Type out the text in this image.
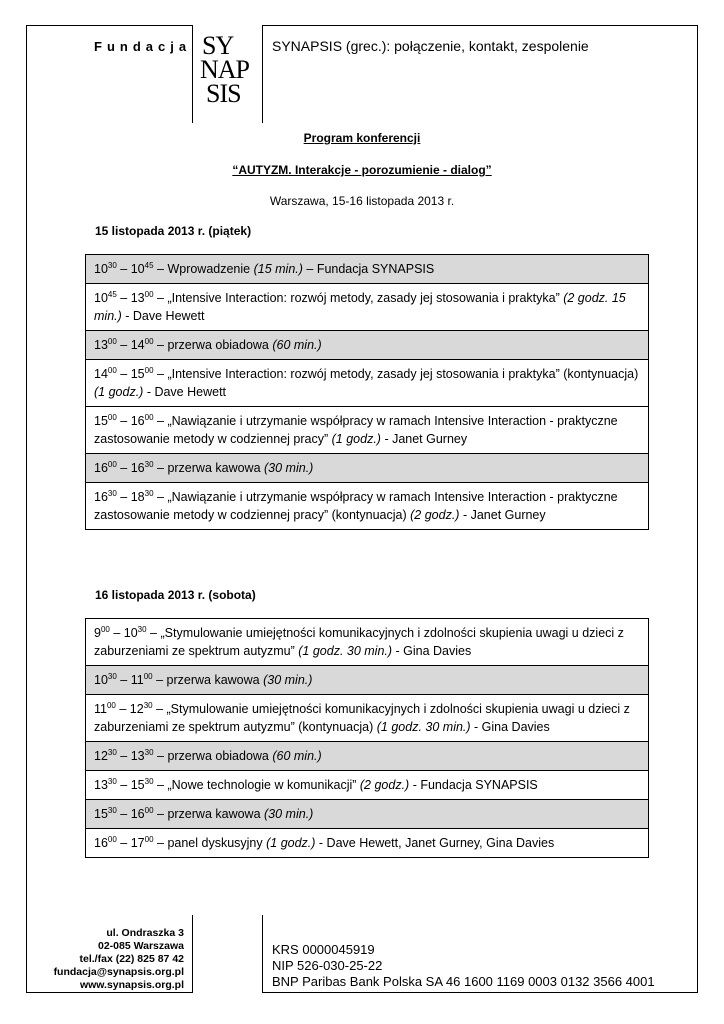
Fundacja SY
NAP
SIS
SYNAPSIS (grec.): połączenie, kontakt, zespolenie
Program konferencji
“AUTYZM. Interakcje - porozumienie - dialog”
Warszawa, 15-16 listopada 2013 r.
15 listopada 2013 r. (piątek)
$10^{30} - 10^{45}$ – Wprowadzenie (15 min.) – Fundacja SYNAPSIS
$10^{45} - 13^{00}$ – „Intensive Interaction: rozwój metody, zasady jej stosowania i praktyka” (2 godz. 15 min.) - Dave Hewett
$13^{00} - 14^{00}$ – przerwa obiadowa (60 min.)
$14^{00} - 15^{00}$ – „Intensive Interaction: rozwój metody, zasady jej stosowania i praktyka” (kontynuacja) (1 godz.) - Dave Hewett
$15^{00} - 16^{00}$ – „Nawiązanie i utrzymanie współpracy w ramach Intensive Interaction - praktyczne zastosowanie metody w codziennej pracy” (1 godz.) - Janet Gurney
$16^{00} - 16^{30}$ – przerwa kawowa (30 min.)
$16^{30} - 18^{30}$ – „Nawiązanie i utrzymanie współpracy w ramach Intensive Interaction - praktyczne zastosowanie metody w codziennej pracy” (kontynuacja) (2 godz.) - Janet Gurney
16 listopada 2013 r. (sobota)
$9^{00} - 10^{30}$ – „Stymulowanie umiejętności komunikacyjnych i zdolności skupienia uwagi u dzieci z zaburzeniami ze spektrum autyzmu” (1 godz. 30 min.) - Gina Davies
$10^{30} - 11^{00}$ – przerwa kawowa (30 min.)
$11^{00} - 12^{30}$ – „Stymulowanie umiejętności komunikacyjnych i zdolności skupienia uwagi u dzieci z zaburzeniami ze spektrum autyzmu” (kontynuacja) (1 godz. 30 min.) - Gina Davies
$12^{30} - 13^{30}$ – przerwa obiadowa (60 min.)
$13^{30} - 15^{30}$ – „Nowe technologie w komunikacji” (2 godz.) - Fundacja SYNAPSIS
$15^{30} - 16^{00}$ – przerwa kawowa (30 min.)
$16^{00} - 17^{00}$ – panel dyskusyjny (1 godz.) - Dave Hewett, Janet Gurney, Gina Davies
ul. Ondraszka 3
02-085 Warszawa
tel./fax (22) 825 87 42
fundacja@synapsis.org.pl
www.synapsis.org.pl
KRS 0000045919
NIP 526-030-25-22
BNP Paribas Bank Polska SA 46 1600 1169 0003 0132 3566 4001
